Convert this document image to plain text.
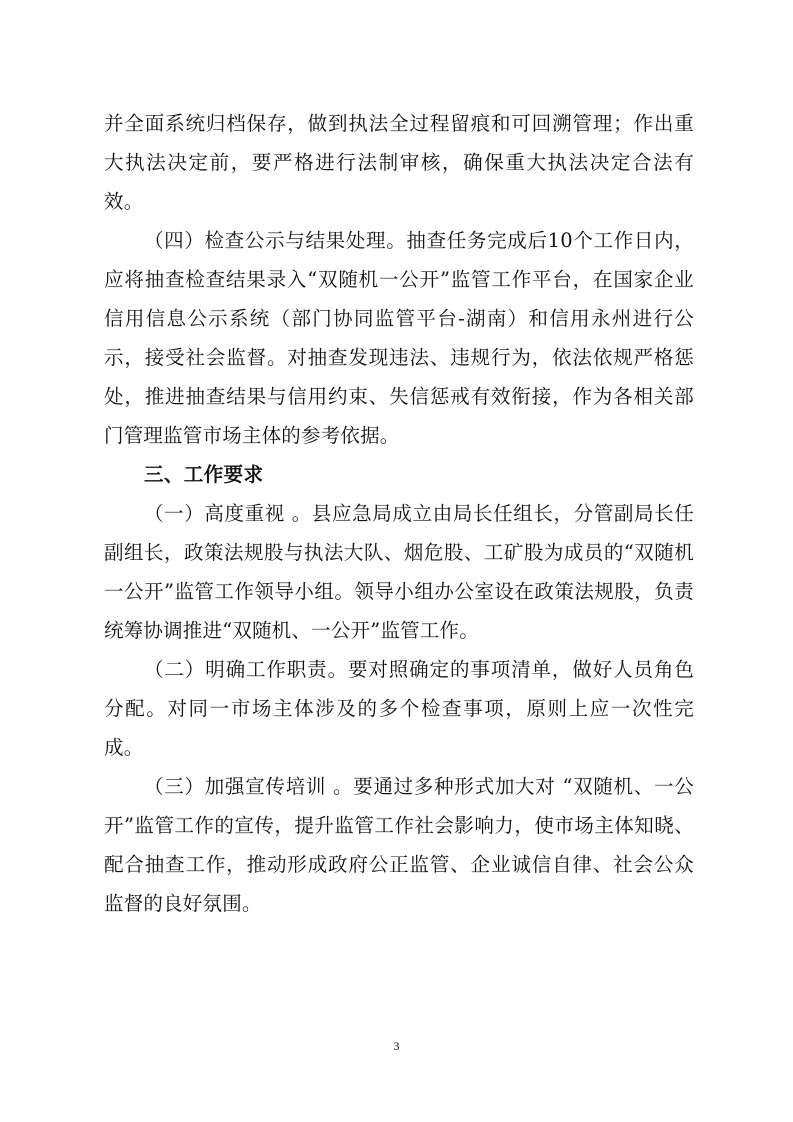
并全面系统归档保存，做到执法全过程留痕和可回溯管理；作出重大执法决定前，要严格进行法制审核，确保重大执法决定合法有效。

（四）检查公示与结果处理。抽查任务完成后10个工作日内，应将抽查检查结果录入“双随机一公开”监管工作平台，在国家企业信用信息公示系统（部门协同监管平台-湖南）和信用永州进行公示，接受社会监督。对抽查发现违法、违规行为，依法依规严格惩处，推进抽查结果与信用约束、失信惩戒有效衔接，作为各相关部门管理监管市场主体的参考依据。

三、工作要求

（一）高度重视 。县应急局成立由局长任组长，分管副局长任副组长，政策法规股与执法大队、烟危股、工矿股为成员的“双随机一公开”监管工作领导小组。领导小组办公室设在政策法规股，负责统筹协调推进“双随机、一公开”监管工作。

（二）明确工作职责。要对照确定的事项清单，做好人员角色分配。对同一市场主体涉及的多个检查事项，原则上应一次性完成。

（三）加强宣传培训 。要通过多种形式加大对 “双随机、一公开”监管工作的宣传，提升监管工作社会影响力，使市场主体知晓、配合抽查工作，推动形成政府公正监管、企业诚信自律、社会公众监督的良好氛围。

3
